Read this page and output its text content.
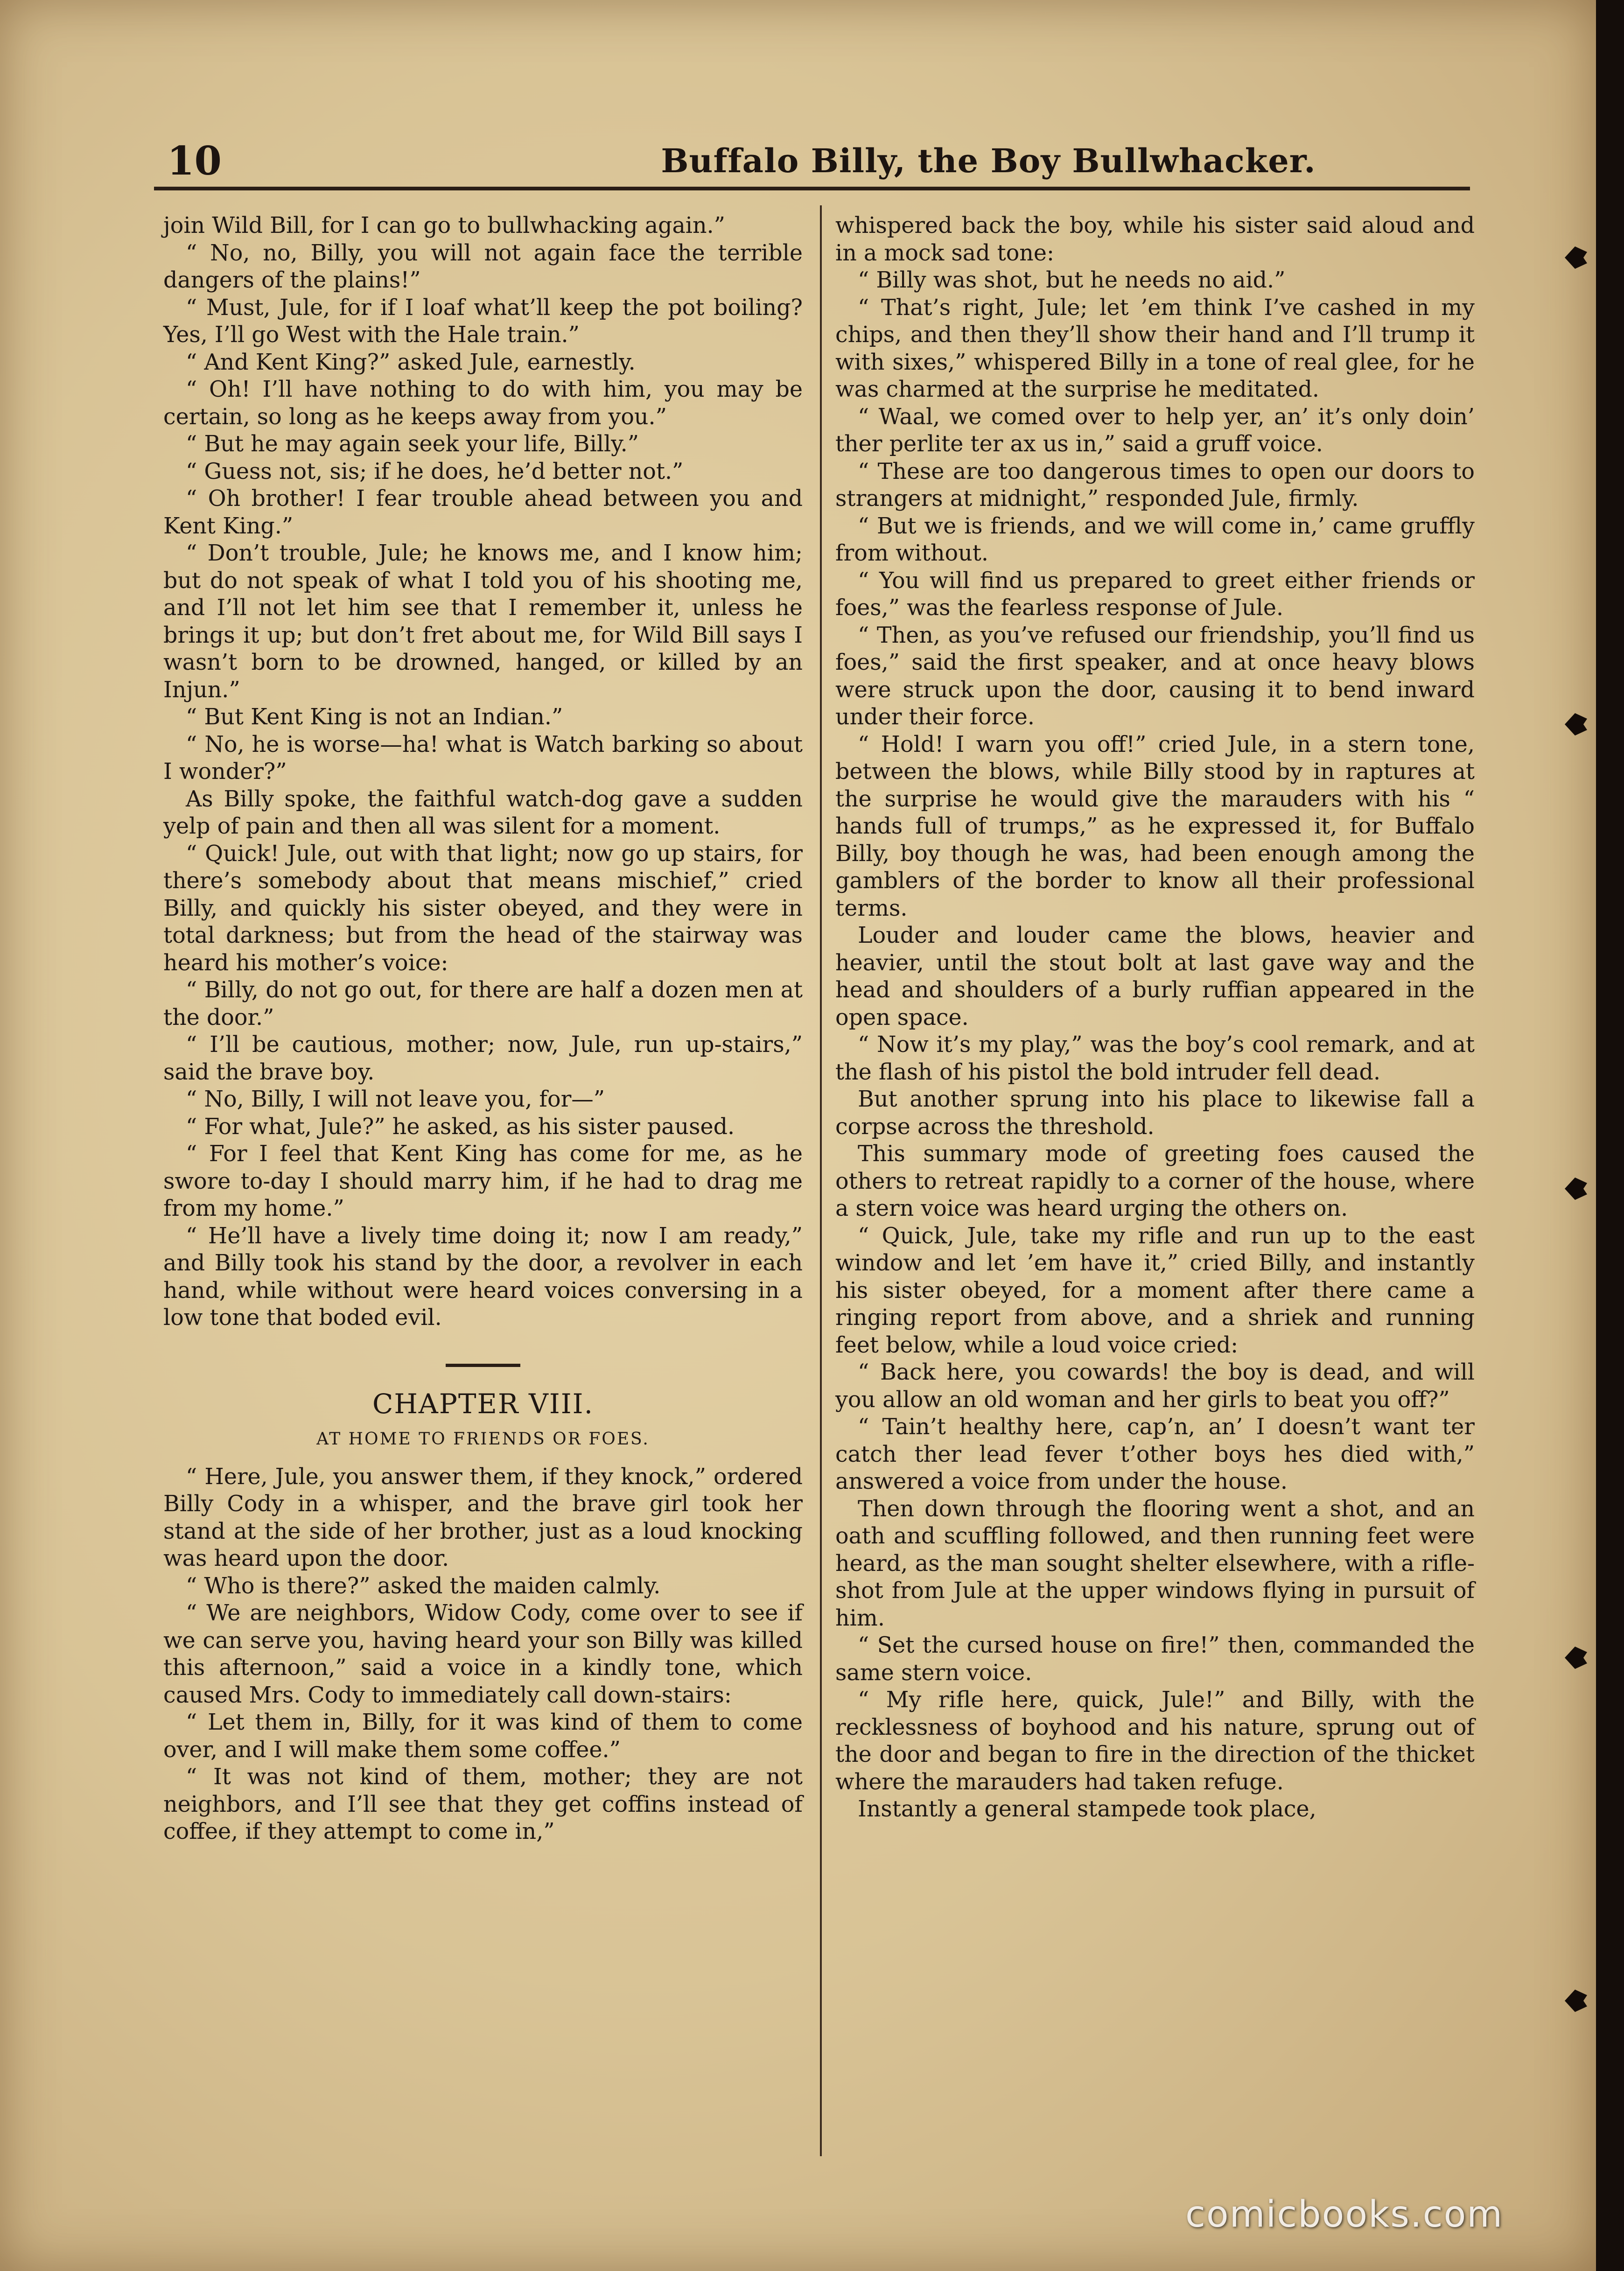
10	Buffalo Billy, the Boy Bullwhacker.

join Wild Bill, for I can go to bullwhacking again.”

“ No, no, Billy, you will not again face the terrible dangers of the plains!”

“ Must, Jule, for if I loaf what’ll keep the pot boiling? Yes, I’ll go West with the Hale train.”

“ And Kent King?” asked Jule, earnestly.

“ Oh! I’ll have nothing to do with him, you may be certain, so long as he keeps away from you.”

“ But he may again seek your life, Billy.”

“ Guess not, sis; if he does, he’d better not.”

“ Oh brother! I fear trouble ahead between you and Kent King.”

“ Don’t trouble, Jule; he knows me, and I know him; but do not speak of what I told you of his shooting me, and I’ll not let him see that I remember it, unless he brings it up; but don’t fret about me, for Wild Bill says I wasn’t born to be drowned, hanged, or killed by an Injun.”

“ But Kent King is not an Indian.”

“ No, he is worse—ha! what is Watch barking so about I wonder?”

As Billy spoke, the faithful watch-dog gave a sudden yelp of pain and then all was silent for a moment.

“ Quick! Jule, out with that light; now go up stairs, for there’s somebody about that means mischief,” cried Billy, and quickly his sister obeyed, and they were in total darkness; but from the head of the stairway was heard his mother’s voice:

“ Billy, do not go out, for there are half a dozen men at the door.”

“ I’ll be cautious, mother; now, Jule, run up-stairs,” said the brave boy.

“ No, Billy, I will not leave you, for—”

“ For what, Jule?” he asked, as his sister paused.

“ For I feel that Kent King has come for me, as he swore to-day I should marry him, if he had to drag me from my home.”

“ He’ll have a lively time doing it; now I am ready,” and Billy took his stand by the door, a revolver in each hand, while without were heard voices conversing in a low tone that boded evil.

CHAPTER VIII.
AT HOME TO FRIENDS OR FOES.

“ Here, Jule, you answer them, if they knock,” ordered Billy Cody in a whisper, and the brave girl took her stand at the side of her brother, just as a loud knocking was heard upon the door.

“ Who is there?” asked the maiden calmly.

“ We are neighbors, Widow Cody, come over to see if we can serve you, having heard your son Billy was killed this afternoon,” said a voice in a kindly tone, which caused Mrs. Cody to immediately call down-stairs:

“ Let them in, Billy, for it was kind of them to come over, and I will make them some coffee.”

“ It was not kind of them, mother; they are not neighbors, and I’ll see that they get coffins instead of coffee, if they attempt to come in,”

whispered back the boy, while his sister said aloud and in a mock sad tone:

“ Billy was shot, but he needs no aid.”

“ That’s right, Jule; let ’em think I’ve cashed in my chips, and then they’ll show their hand and I’ll trump it with sixes,” whispered Billy in a tone of real glee, for he was charmed at the surprise he meditated.

“ Waal, we comed over to help yer, an’ it’s only doin’ ther perlite ter ax us in,” said a gruff voice.

“ These are too dangerous times to open our doors to strangers at midnight,” responded Jule, firmly.

“ But we is friends, and we will come in,’ came gruffly from without.

“ You will find us prepared to greet either friends or foes,” was the fearless response of Jule.

“ Then, as you’ve refused our friendship, you’ll find us foes,” said the first speaker, and at once heavy blows were struck upon the door, causing it to bend inward under their force.

“ Hold! I warn you off!” cried Jule, in a stern tone, between the blows, while Billy stood by in raptures at the surprise he would give the marauders with his “ hands full of trumps,” as he expressed it, for Buffalo Billy, boy though he was, had been enough among the gamblers of the border to know all their professional terms.

Louder and louder came the blows, heavier and heavier, until the stout bolt at last gave way and the head and shoulders of a burly ruffian appeared in the open space.

“ Now it’s my play,” was the boy’s cool remark, and at the flash of his pistol the bold intruder fell dead.

But another sprung into his place to likewise fall a corpse across the threshold.

This summary mode of greeting foes caused the others to retreat rapidly to a corner of the house, where a stern voice was heard urging the others on.

“ Quick, Jule, take my rifle and run up to the east window and let ’em have it,” cried Billy, and instantly his sister obeyed, for a moment after there came a ringing report from above, and a shriek and running feet below, while a loud voice cried:

“ Back here, you cowards! the boy is dead, and will you allow an old woman and her girls to beat you off?”

“ Tain’t healthy here, cap’n, an’ I doesn’t want ter catch ther lead fever t’other boys hes died with,” answered a voice from under the house.

Then down through the flooring went a shot, and an oath and scuffling followed, and then running feet were heard, as the man sought shelter elsewhere, with a rifle-shot from Jule at the upper windows flying in pursuit of him.

“ Set the cursed house on fire!” then, commanded the same stern voice.

“ My rifle here, quick, Jule!” and Billy, with the recklessness of boyhood and his nature, sprung out of the door and began to fire in the direction of the thicket where the marauders had taken refuge.

Instantly a general stampede took place,

comicbooks.com
